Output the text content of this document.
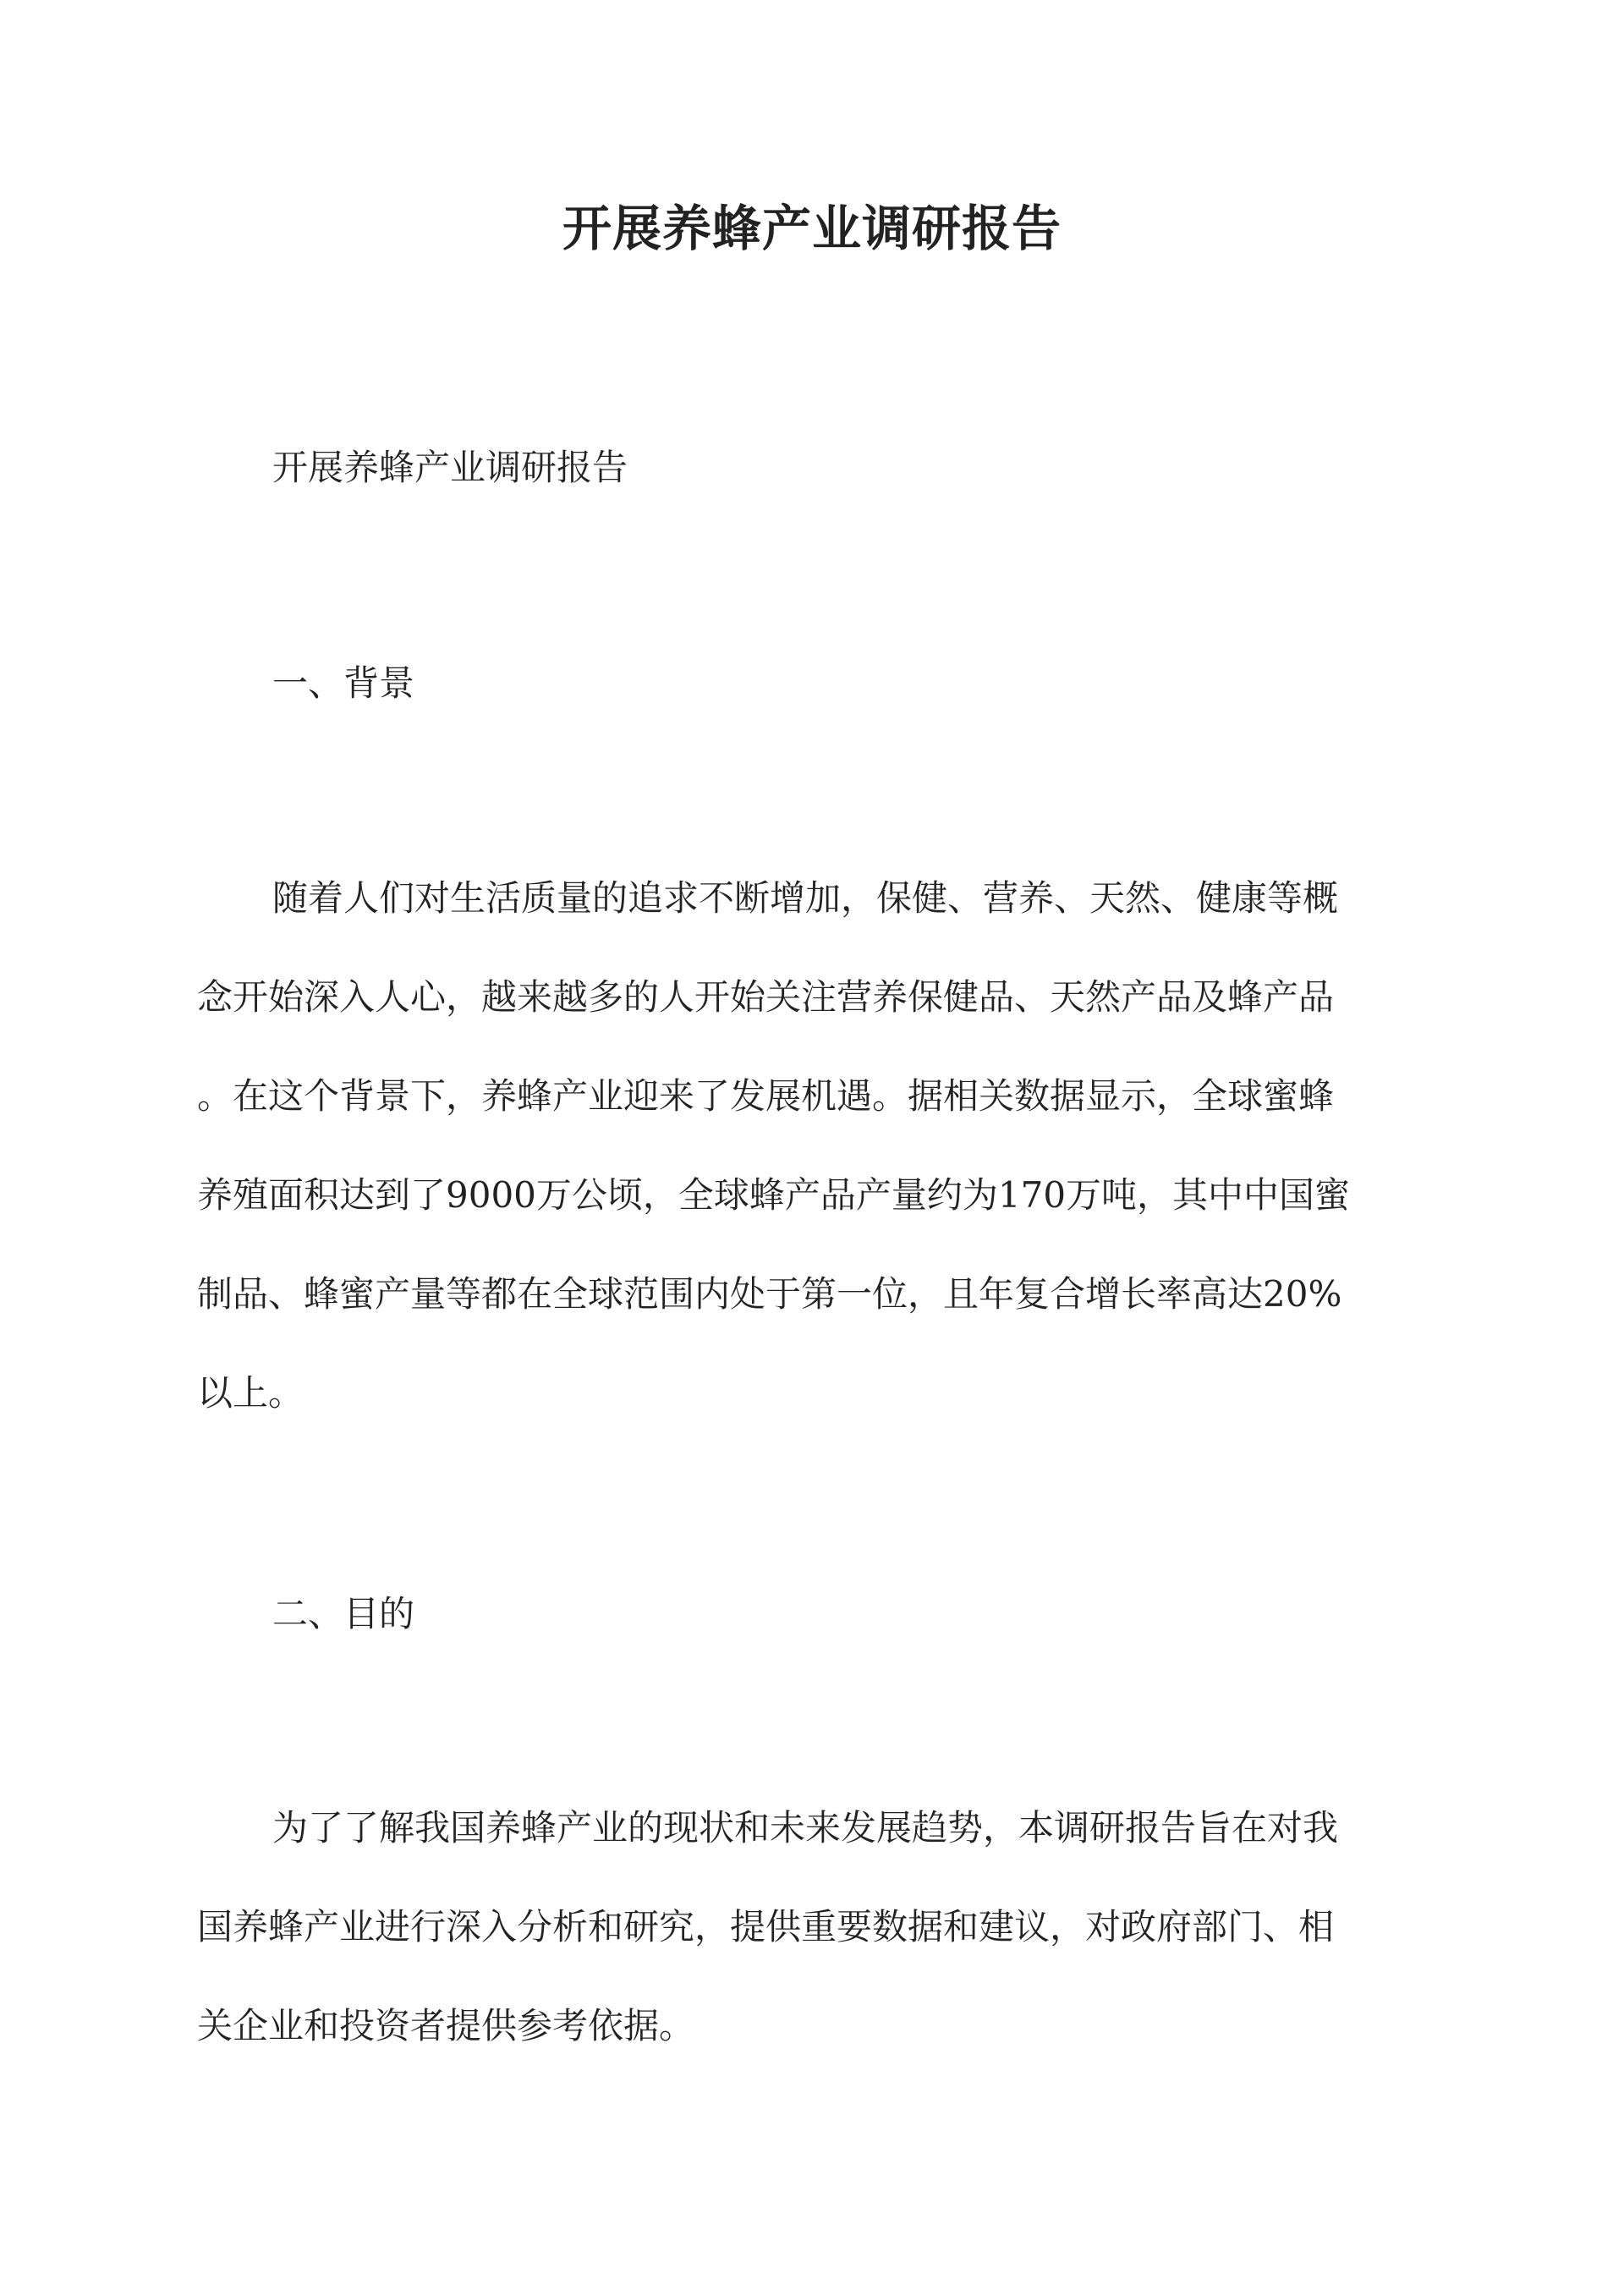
开展养蜂产业调研报告
开展养蜂产业调研报告
一、背景
随着人们对生活质量的追求不断增加，保健、营养、天然、健康等概
念开始深入人心，越来越多的人开始关注营养保健品、天然产品及蜂产品
。在这个背景下，养蜂产业迎来了发展机遇。据相关数据显示，全球蜜蜂
养殖面积达到了9000万公顷，全球蜂产品产量约为170万吨，其中中国蜜
制品、蜂蜜产量等都在全球范围内处于第一位，且年复合增长率高达20%
以上。
二、目的
为了了解我国养蜂产业的现状和未来发展趋势，本调研报告旨在对我
国养蜂产业进行深入分析和研究，提供重要数据和建议，对政府部门、相
关企业和投资者提供参考依据。
